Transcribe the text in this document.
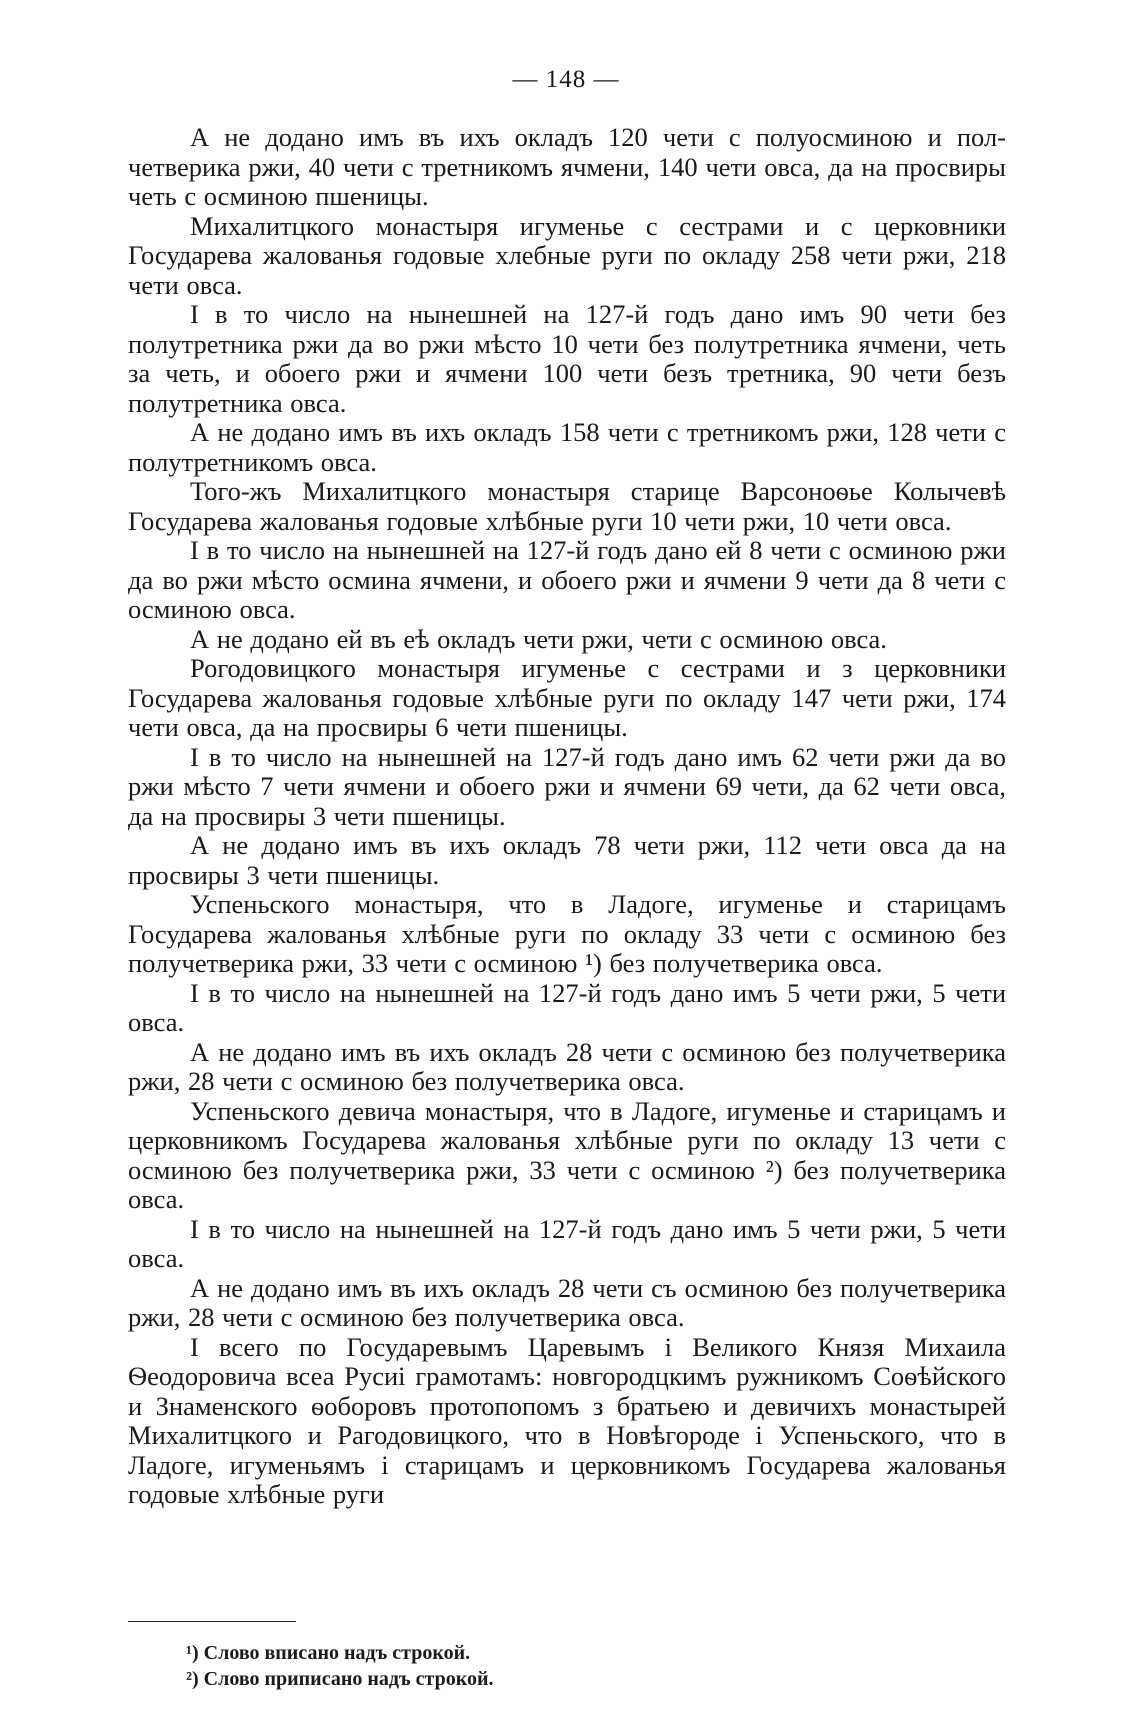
— 148 —

А не додано имъ въ ихъ окладъ 120 чети с полуосминою и пол-четверика ржи, 40 чети с третникомъ ячмени, 140 чети овса, да на просвиры четь с осминою пшеницы.

Михалитцкого монастыря игуменье с сестрами и с церковники Государева жалованья годовые хлебные руги по окладу 258 чети ржи, 218 чети овса.

І в то число на нынешней на 127-й годъ дано имъ 90 чети без полутретника ржи да во ржи мѣсто 10 чети без полутретника ячмени, четь за четь, и обоего ржи и ячмени 100 чети безъ третника, 90 чети безъ полутретника овса.

А не додано имъ въ ихъ окладъ 158 чети с третникомъ ржи, 128 чети с полутретникомъ овса.

Того-жъ Михалитцкого монастыря старице Варсоноѳье Колычевѣ Государева жалованья годовые хлѣбные руги 10 чети ржи, 10 чети овса.

І в то число на нынешней на 127-й годъ дано ей 8 чети с осминою ржи да во ржи мѣсто осмина ячмени, и обоего ржи и ячмени 9 чети да 8 чети с осминою овса.

А не додано ей въ еѣ окладъ чети ржи, чети с осминою овса.

Рогодовицкого монастыря игуменье с сестрами и з церковники Государева жалованья годовые хлѣбные руги по окладу 147 чети ржи, 174 чети овса, да на просвиры 6 чети пшеницы.

І в то число на нынешней на 127-й годъ дано имъ 62 чети ржи да во ржи мѣсто 7 чети ячмени и обоего ржи и ячмени 69 чети, да 62 чети овса, да на просвиры 3 чети пшеницы.

А не додано имъ въ ихъ окладъ 78 чети ржи, 112 чети овса да на просвиры 3 чети пшеницы.

Успеньского монастыря, что в Ладоге, игуменье и старицамъ Государева жалованья хлѣбные руги по окладу 33 чети с осминою без получетверика ржи, 33 чети с осминою ¹) без получетверика овса.

І в то число на нынешней на 127-й годъ дано имъ 5 чети ржи, 5 чети овса.

А не додано имъ въ ихъ окладъ 28 чети с осминою без получетверика ржи, 28 чети с осминою без получетверика овса.

Успеньского девича монастыря, что в Ладоге, игуменье и старицамъ и церковникомъ Государева жалованья хлѣбные руги по окладу 13 чети с осминою без получетверика ржи, 33 чети с осминою ²) без получетверика овса.

І в то число на нынешней на 127-й годъ дано имъ 5 чети ржи, 5 чети овса.

А не додано имъ въ ихъ окладъ 28 чети съ осминою без получетверика ржи, 28 чети с осминою без получетверика овса.

І всего по Государевымъ Царевымъ і Великого Князя Михаила Ѳеодоровича всеа Русиі грамотамъ: новгородцкимъ ружникомъ Соѳѣйского и Знаменского ѳоборовъ протопопомъ з братьею и девичихъ монастырей Михалитцкого и Рагодовицкого, что в Новѣгороде і Успеньского, что в Ладоге, игуменьямъ і старицамъ и церковникомъ Государева жалованья годовые хлѣбные руги

¹) Слово вписано надъ строкой.

²) Слово приписано надъ строкой.
